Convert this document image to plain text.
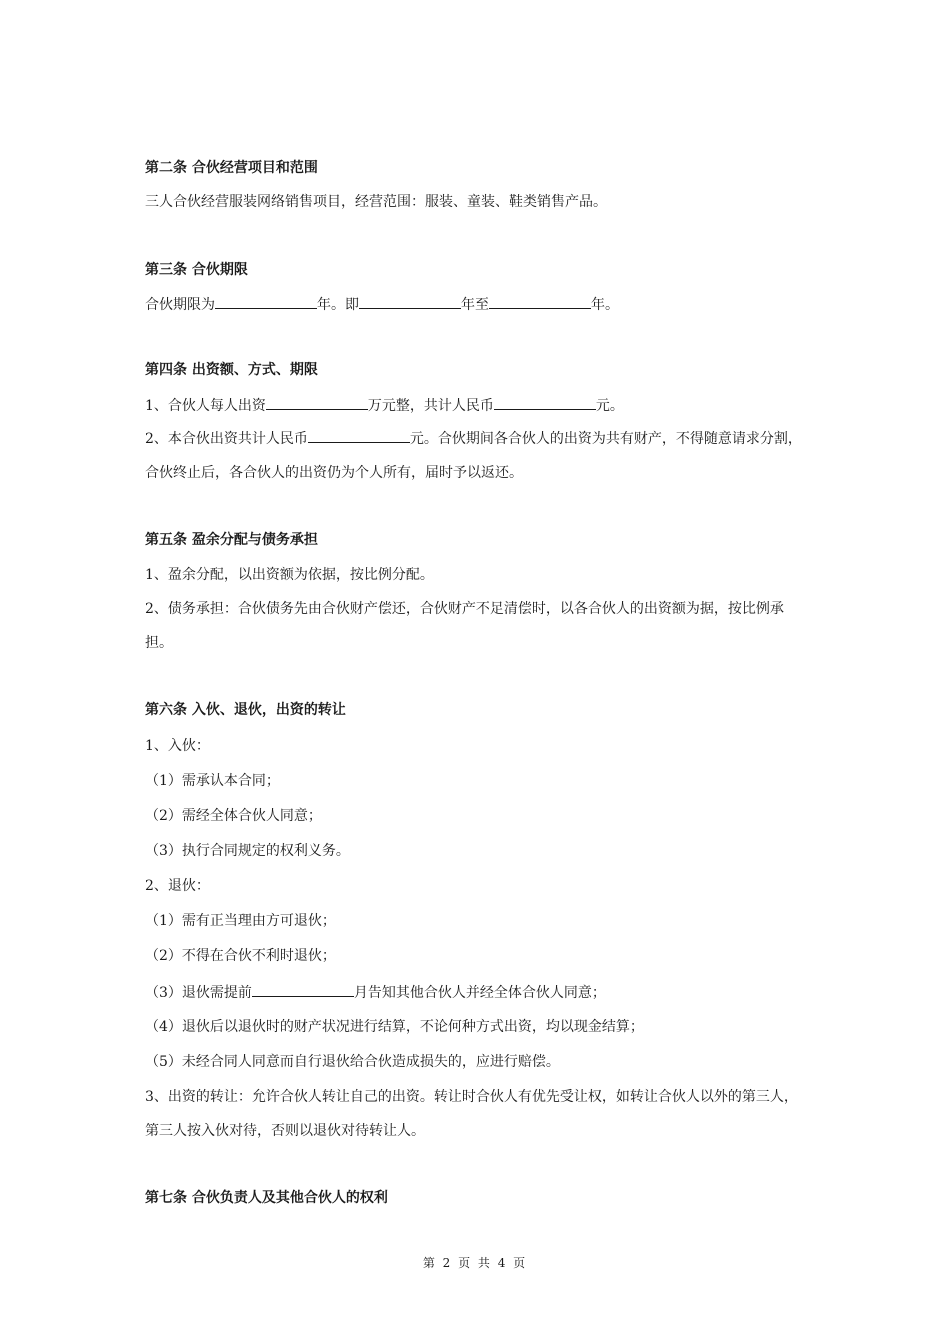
第二条 合伙经营项目和范围
三人合伙经营服装网络销售项目，经营范围：服装、童装、鞋类销售产品。
第三条 合伙期限
合伙期限为	年。即	年至	年。
第四条 出资额、方式、期限
1、合伙人每人出资	万元整，共计人民币	元。
2、本合伙出资共计人民币	元。合伙期间各合伙人的出资为共有财产，不得随意请求分割，合伙终止后，各合伙人的出资仍为个人所有，届时予以返还。
第五条 盈余分配与债务承担
1、盈余分配，以出资额为依据，按比例分配。
2、债务承担：合伙债务先由合伙财产偿还，合伙财产不足清偿时，以各合伙人的出资额为据，按比例承担。
第六条 入伙、退伙，出资的转让
1、入伙：
（1）需承认本合同；
（2）需经全体合伙人同意；
（3）执行合同规定的权利义务。
2、退伙：
（1）需有正当理由方可退伙；
（2）不得在合伙不利时退伙；
（3）退伙需提前	月告知其他合伙人并经全体合伙人同意；
（4）退伙后以退伙时的财产状况进行结算，不论何种方式出资，均以现金结算；
（5）未经合同人同意而自行退伙给合伙造成损失的，应进行赔偿。
3、出资的转让：允许合伙人转让自己的出资。转让时合伙人有优先受让权，如转让合伙人以外的第三人，第三人按入伙对待，否则以退伙对待转让人。
第七条 合伙负责人及其他合伙人的权利
第 2 页 共 4 页
